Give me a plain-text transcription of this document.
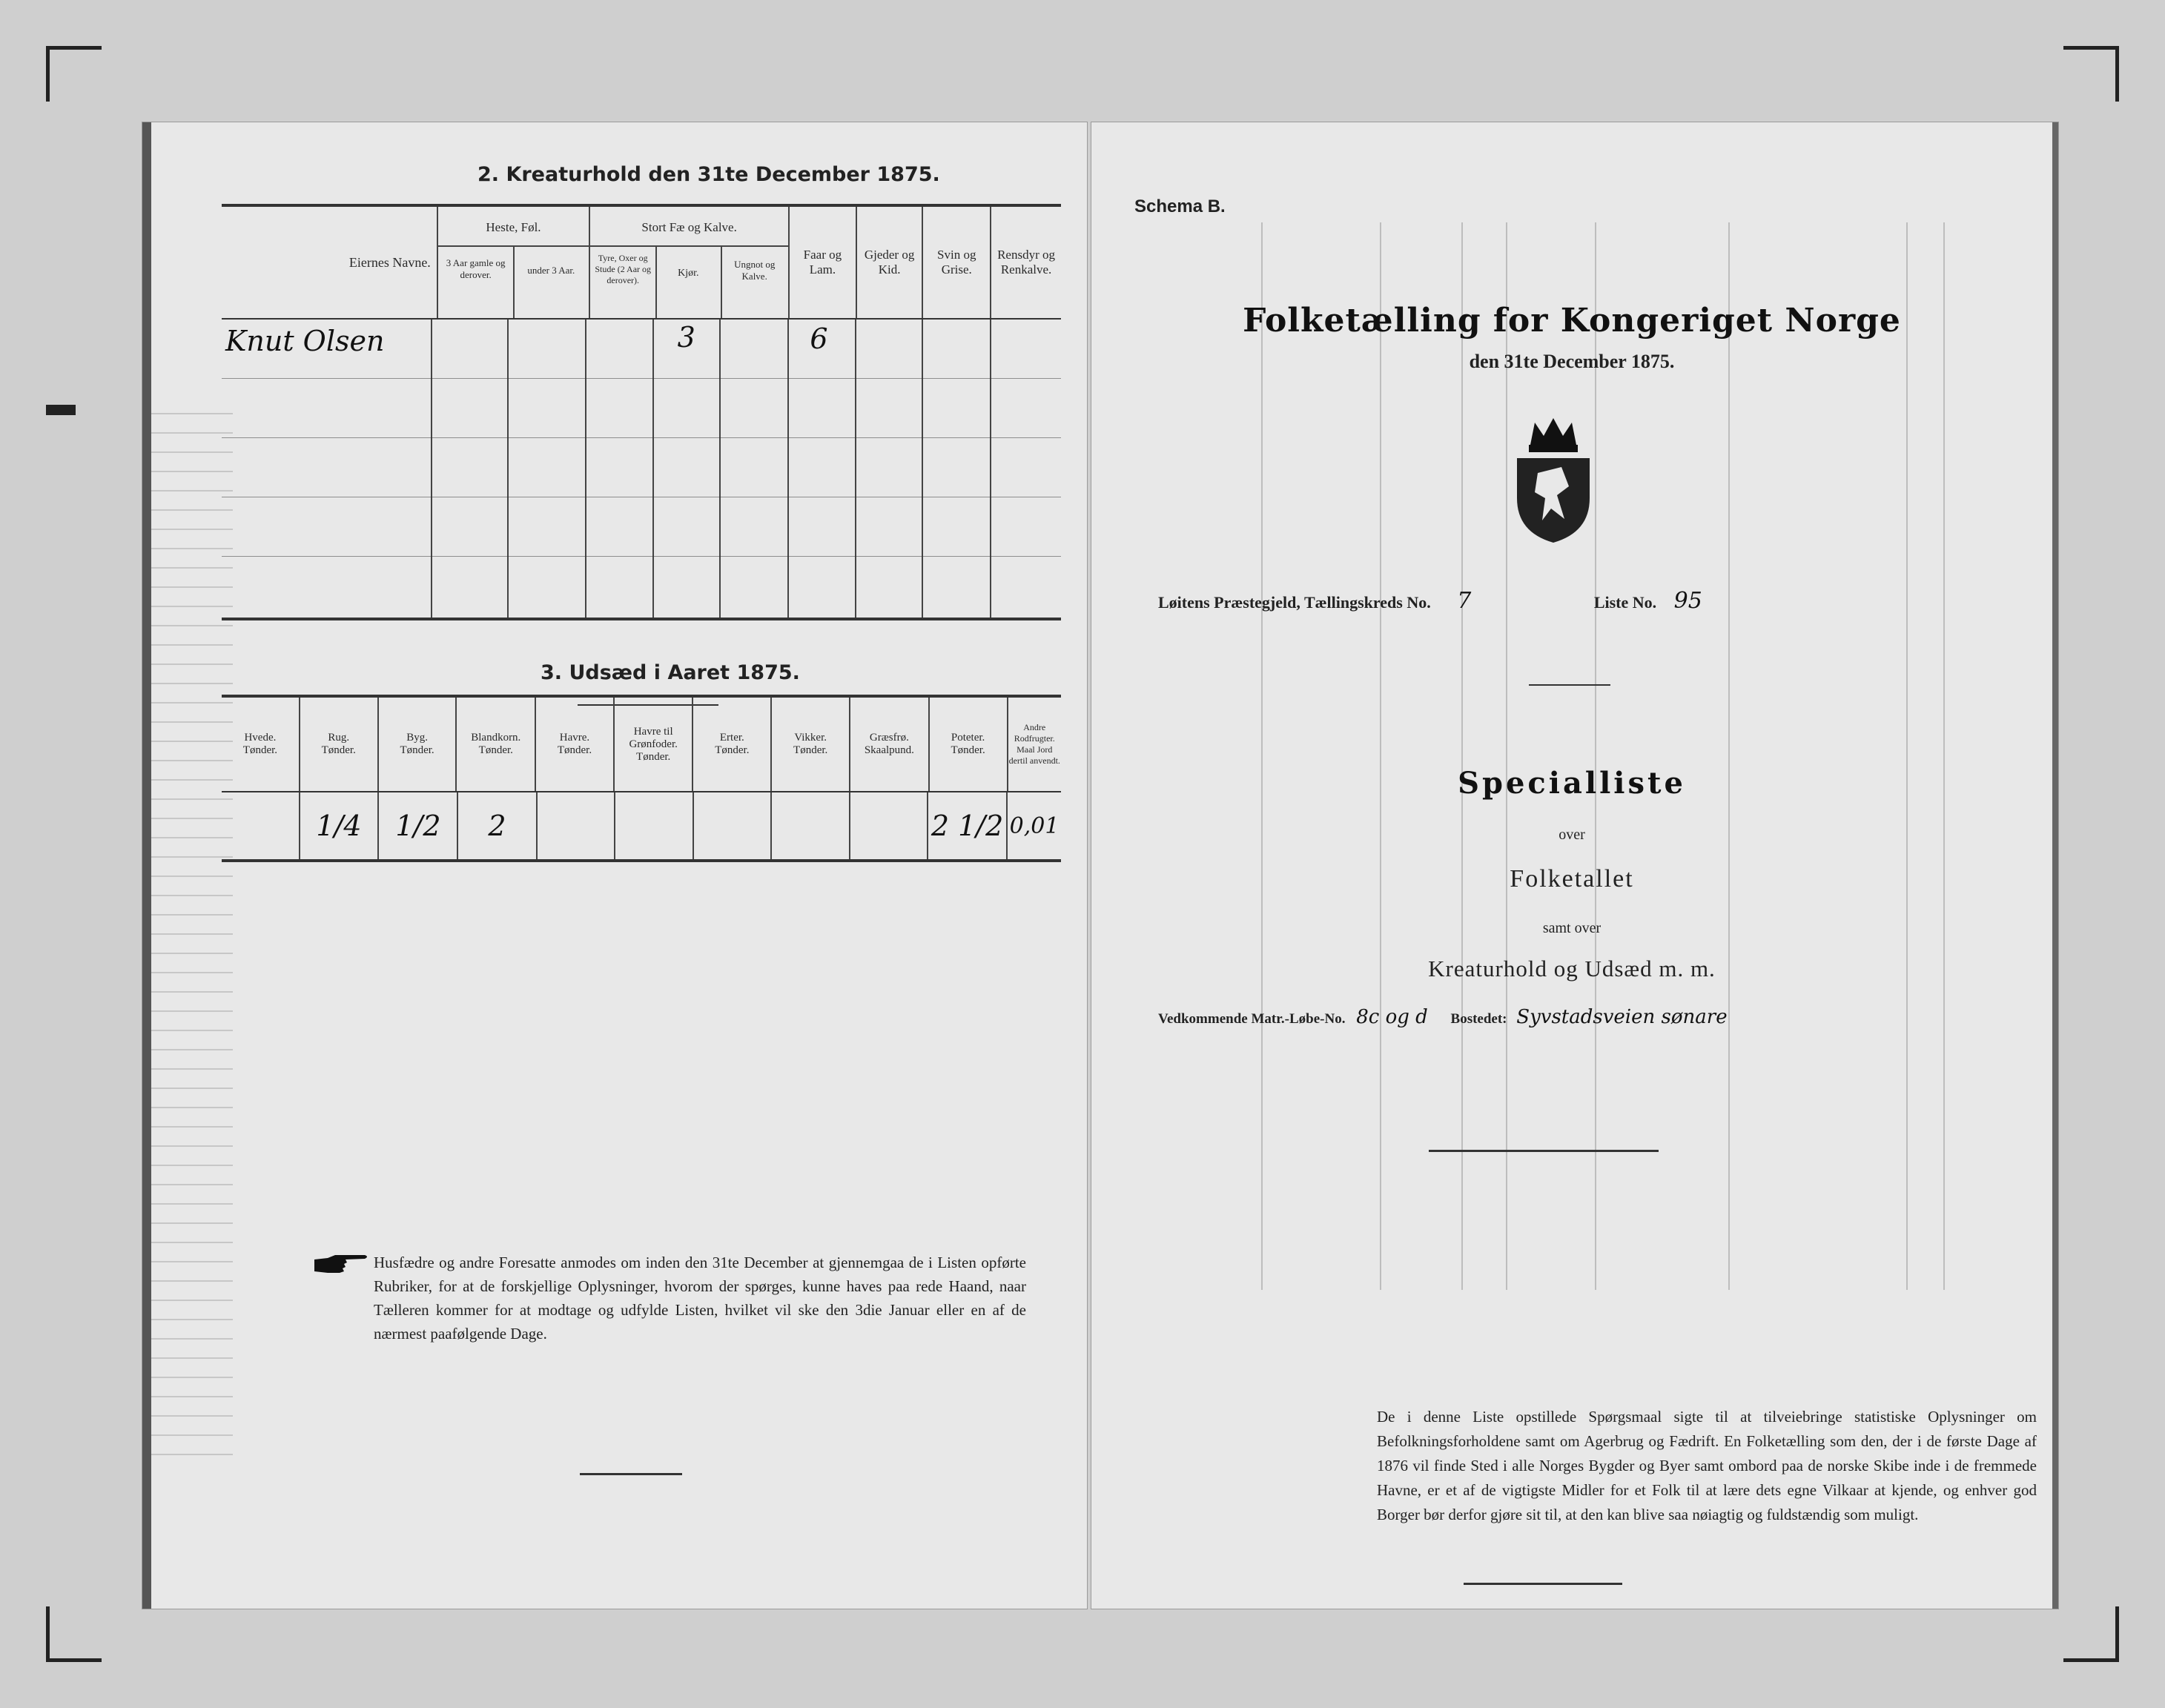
2. Kreaturhold den 31te December 1875.
Eiernes Navne.	
Heste, Føl.
3 Aar gamle og derover.	under 3 Aar.

Stort Fæ og Kalve.
Tyre, Oxer og Stude (2 Aar og derover).
Kjør.
Ungnot og Kalve.
	Faar og Lam.	Gjeder og Kid.	Svin og Grise.	Rensdyr og Renkalve.
Knut Olsen				3		6

3. Udsæd i Aaret 1875.
Hvede.
Tønder.

Rug.
Tønder.

Byg.
Tønder.

Blandkorn.
Tønder.

Havre.
Tønder.

Havre til Grønfoder.
Tønder.

Erter.
Tønder.

Vikker.
Tønder.

Græsfrø.
Skaalpund.

Poteter.
Tønder.

Andre Rodfrugter.
Maal Jord dertil anvendt.
	1/4	1/2	2						2 1/2	0,01
Husfædre og andre Foresatte anmodes om inden den 31te December at gjennemgaa de i Listen opførte Rubriker, for at de forskjellige Oplysninger, hvorom der spørges, kunne haves paa rede Haand, naar Tælleren kommer for at modtage og udfylde Listen, hvilket vil ske den 3die Januar eller en af de nærmest paafølgende Dage.
Schema B.
Folketælling for Kongeriget Norge
den 31te December 1875.
Løitens Præstegjeld, Tællingskreds No. 7	Liste No. 95
Specialliste
over
Folketallet
samt over
Kreaturhold og Udsæd m. m.
Vedkommende Matr.-Løbe-No. 8c og d Bostedet: Syvstadsveien sønare
De i denne Liste opstillede Spørgsmaal sigte til at tilveiebringe statistiske Oplysninger om Befolkningsforholdene samt om Agerbrug og Fædrift. En Folketælling som den, der i de første Dage af 1876 vil finde Sted i alle Norges Bygder og Byer samt ombord paa de norske Skibe inde i de fremmede Havne, er et af de vigtigste Midler for et Folk til at lære dets egne Vilkaar at kjende, og enhver god Borger bør derfor gjøre sit til, at den kan blive saa nøiagtig og fuldstændig som muligt.
